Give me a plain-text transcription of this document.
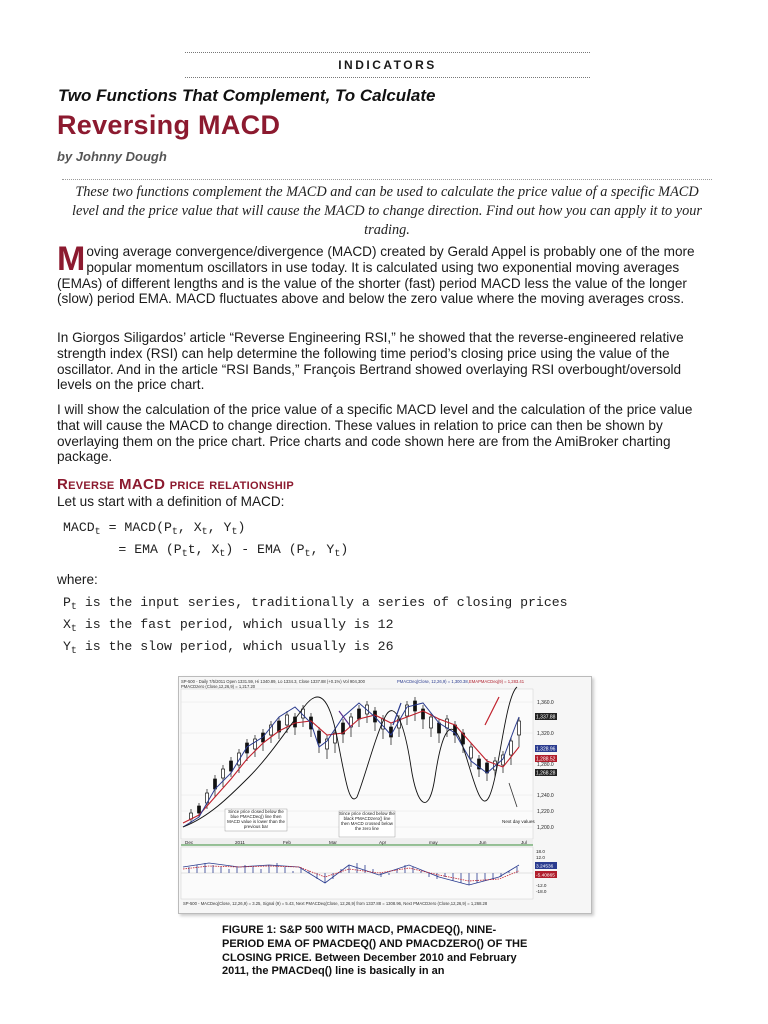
INDICATORS
Two Functions That Complement, To Calculate
Reversing MACD
by Johnny Dough
These two functions complement the MACD and can be used to calculate the price value of a specific MACD level and the price value that will cause the MACD to change direction. Find out how you can apply it to your trading.
Moving average convergence/divergence (MACD) created by Gerald Appel is probably one of the more popular momentum oscillators in use today. It is calculated using two exponential moving averages (EMAs) of different lengths and is the value of the shorter (fast) period MACD less the value of the longer (slow) period EMA. MACD fluctuates above and below the zero value where the moving averages cross.
In Giorgos Siligardos’ article “Reverse Engineering RSI,” he showed that the reverse-engineered relative strength index (RSI) can help determine the following time period’s closing price using the value of the oscillator. And in the article “RSI Bands,” François Bertrand showed overlaying RSI overbought/oversold levels on the price chart.
I will show the calculation of the price value of a specific MACD level and the calculation of the price value that will cause the MACD to change direction. These values in relation to price can then be shown by overlaying them on the price chart. Price charts and code shown here are from the AmiBroker charting package.
Reverse MACD price relationship
Let us start with a definition of MACD:
$MACD_t$ = $MACD(P_t$, $X_t$, $Y_t$)
= EMA ($P_tt$, $X_t$) - EMA ($P_t$, $Y_t$)
where:
$P_t$ is the input series, traditionally a series of closing prices
$X_t$ is the fast period, which usually is 12
$Y_t$ is the slow period, which usually is 26
SP-500 - Daily 7/5/2011 Open 1331.59, Hi 1340.89, Lo 1334.3, Close 1337.88 (+0.1%) Vol 904,300	PMACDeq(Close, 12,26,9) = 1,300.38, EMAPMACDeq(9) = 1,283.41
PMACDzero (Close,12,26,9) = 1,217.20
Since price closed below the blue PMACDeq() line then MACD value is lower than the previous bar
Since price closed below the black PMACDzero() line then MACD crossed below the zero line
Next day values
Dec	2011	Feb	Mar	Apr	may	Jun	Jul
1,360.0
1,320.0
1,280.0
1,240.0
1,220.0
1,200.0
1,337.88
1,328.96
1,288.52
1,268.28
18.0
12.0
-12.0
-18.0
3.24536
-5.40865
SP-500 - MACDeq(Close, 12,26,9) = 3.25, Signal (9) = 5.43, Next PMACDeq(Close, 12,26,9) from 1337.88 = 1308.96, Next PMACDzero (Close,12,26,9) = 1,268.28
FIGURE 1: S&P 500 WITH MACD, PMACDEQ(), NINE-PERIOD EMA OF PMACDEQ() AND PMACDZERO() OF THE CLOSING PRICE. Between December 2010 and February 2011, the PMACDeq() line is basically in an
